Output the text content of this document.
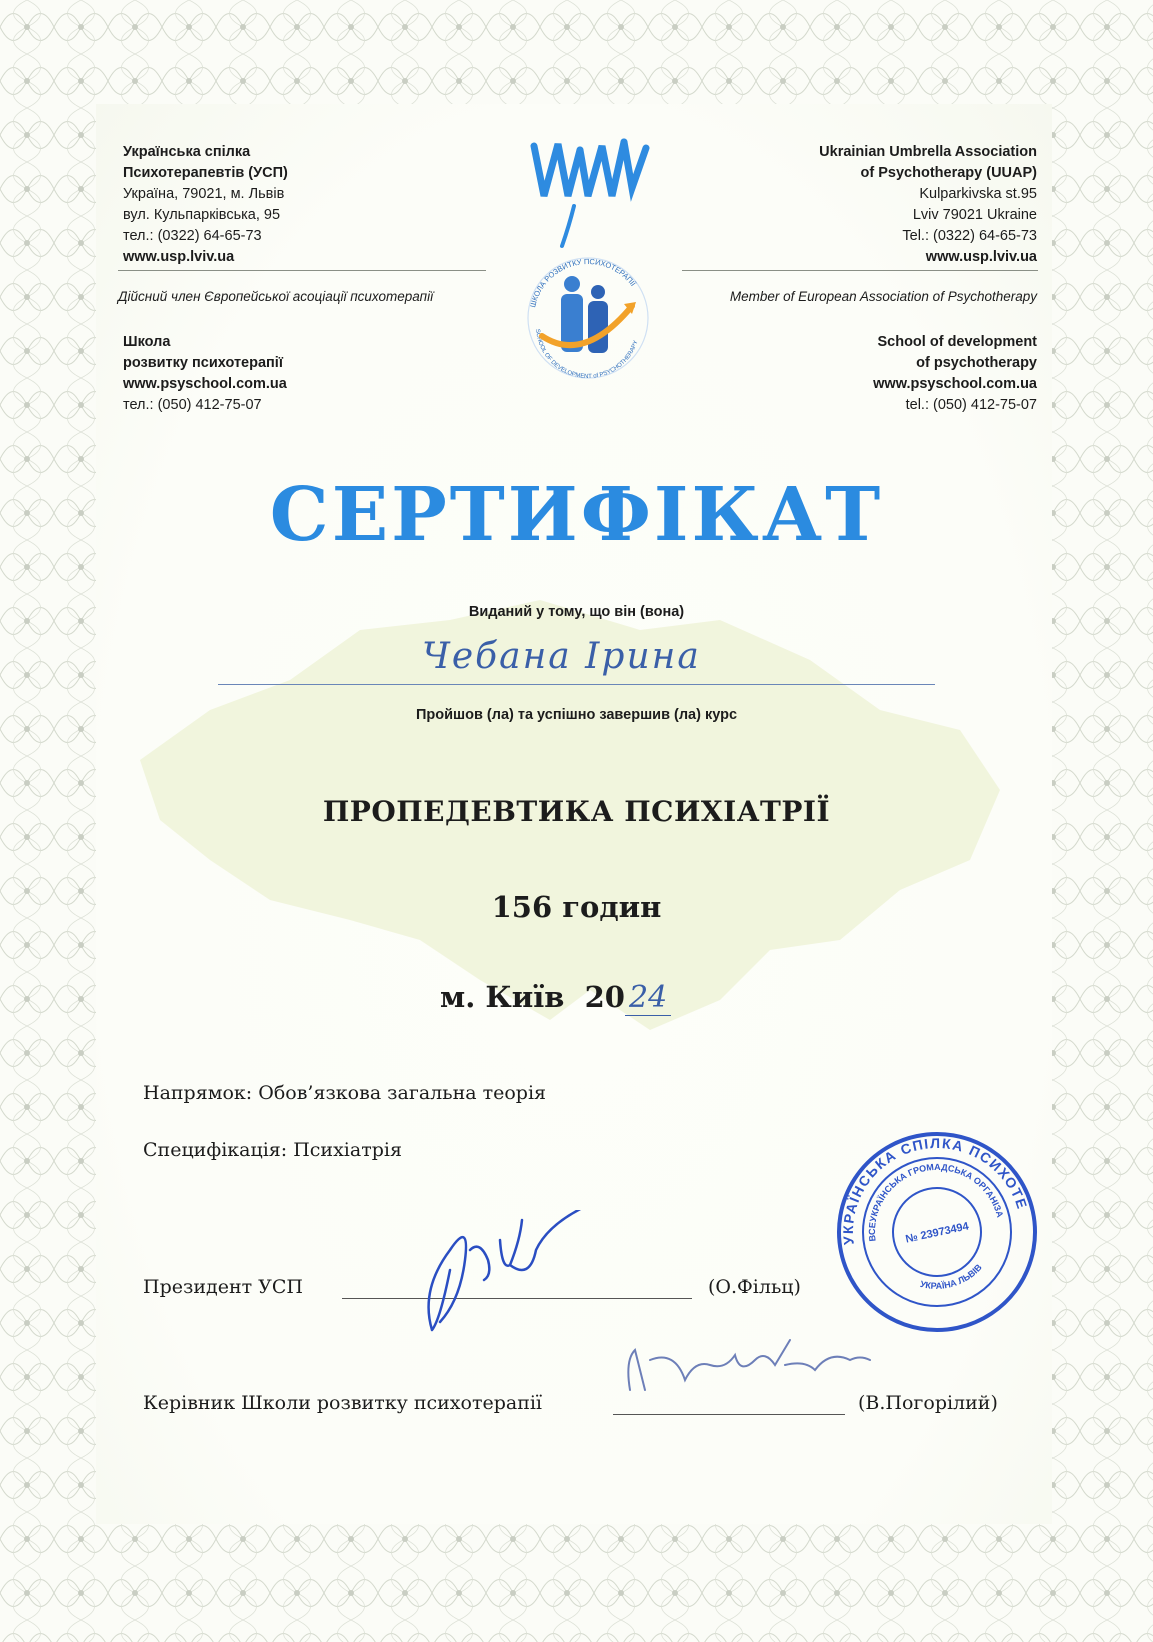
Українська спілка
Психотерапевтів (УСП)
Україна, 79021, м. Львів
вул. Кульпарківська, 95
тел.: (0322) 64-65-73
www.usp.lviv.ua
Дійсний член Європейської асоціації психотерапії
Школа
розвитку психотерапії
www.psyschool.com.ua
тел.: (050) 412-75-07
Ukrainian Umbrella Association
of Psychotherapy (UUAP)
Kulparkivska st.95
Lviv 79021 Ukraine
Tel.: (0322) 64-65-73
www.usp.lviv.ua
Member of European Association of Psychotherapy
School of development
of psychotherapy
www.psyschool.com.ua
tel.: (050) 412-75-07
ШКОЛА РОЗВИТКУ ПСИХОТЕРАПІЇ
SCHOOL OF DEVELOPMENT of PSYCHOTHERAPY
СЕРТИФІКАТ
Виданий у тому, що він (вона)
Чебана Ірина
Пройшов (ла) та успішно завершив (ла) курс
ПРОПЕДЕВТИКА ПСИХІАТРІЇ
156 годин
м. Київ  20 24
Напрямок: Обов’язкова загальна теорія
Специфікація: Психіатрія
Президент УСП	(О.Фільц)
Керівник Школи розвитку психотерапії	(В.Погорілий)
УКРАЇНСЬКА СПІЛКА ПСИХОТЕРАПЕВТІВ
ВСЕУКРАЇНСЬКА ГРОМАДСЬКА ОРГАНІЗАЦІЯ
УКРАЇНА ЛЬВІВ
№ 23973494
